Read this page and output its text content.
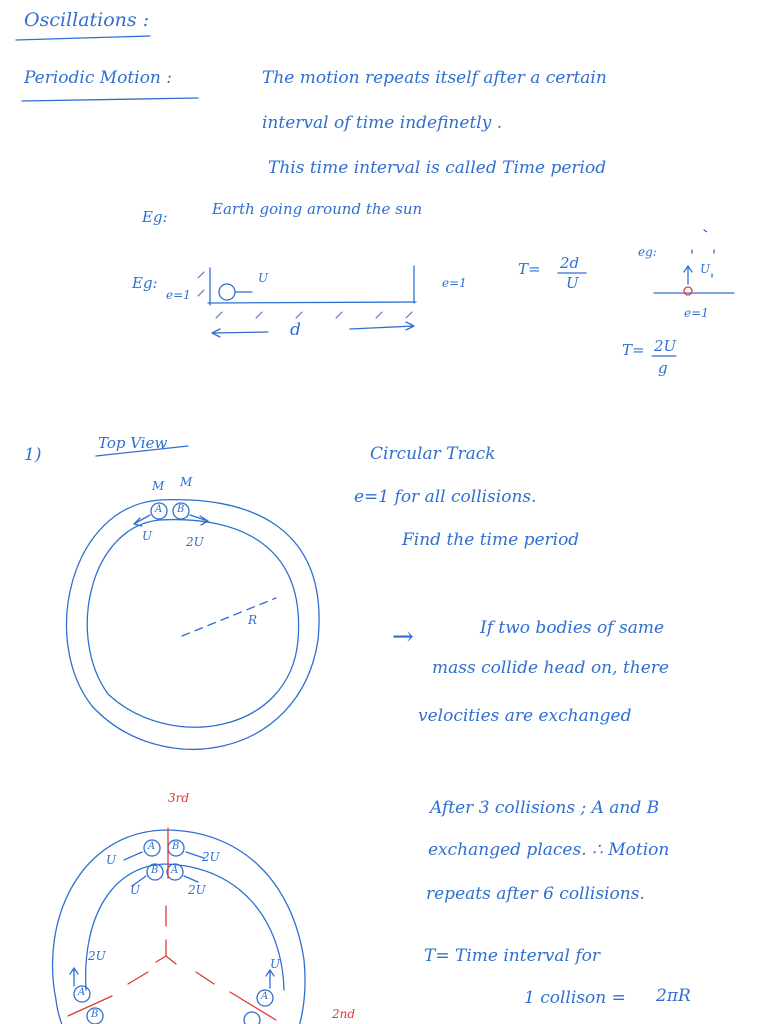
Oscillations :
Periodic Motion :	The motion repeats itself after a certain
interval of time indefinetly .
This time interval is called Time period
Eg:	Earth going around the sun
Eg:
e=1
U
d
e=1
T= 2d
U
eg:
U
e=1
T= 2U
g
1)
Top View
M M
U	2U
R
Circular Track
e=1 for all collisions.
Find the time period
→	If two bodies of same
mass collide head on, there
velocities are exchanged
3rd
2nd
U	2U
U	2U
2U
U
After 3 collisions ; A and B
exchanged places. ∴ Motion
repeats after 6 collisions.
T= Time interval for
1 collison = 2πR
A B
A B
B A
A
B
A
